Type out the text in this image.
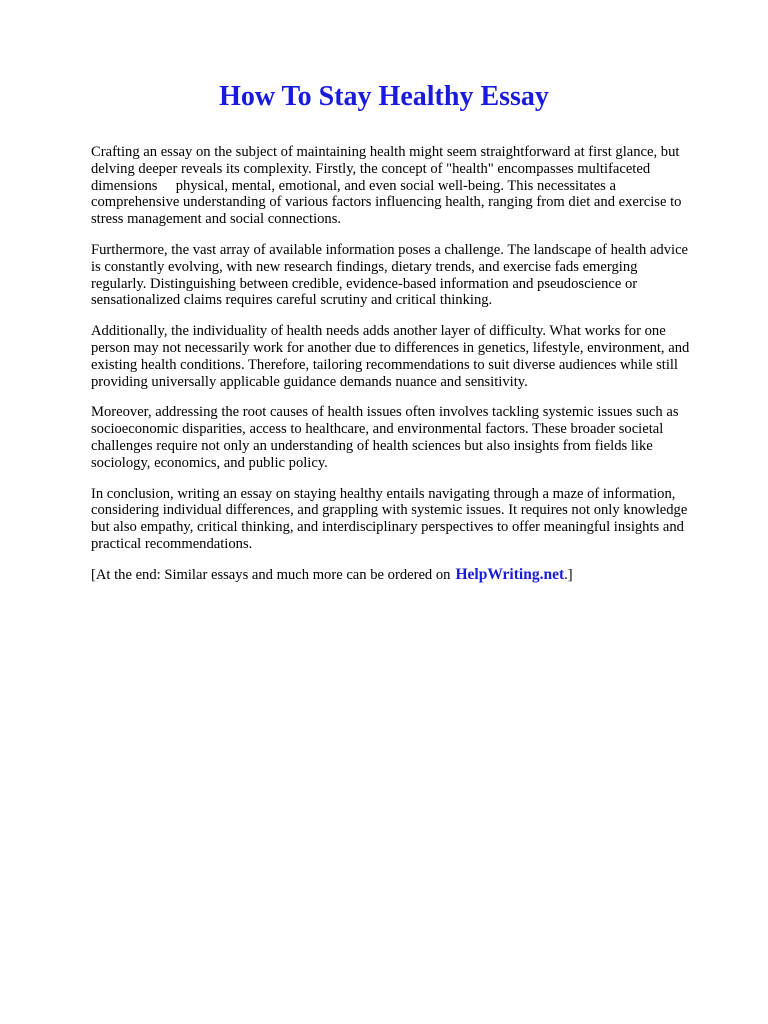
How To Stay Healthy Essay

Crafting an essay on the subject of maintaining health might seem straightforward at first glance, but delving deeper reveals its complexity. Firstly, the concept of "health" encompasses multifaceted dimensions  physical, mental, emotional, and even social well-being. This necessitates a comprehensive understanding of various factors influencing health, ranging from diet and exercise to stress management and social connections.

Furthermore, the vast array of available information poses a challenge. The landscape of health advice is constantly evolving, with new research findings, dietary trends, and exercise fads emerging regularly. Distinguishing between credible, evidence-based information and pseudoscience or sensationalized claims requires careful scrutiny and critical thinking.

Additionally, the individuality of health needs adds another layer of difficulty. What works for one person may not necessarily work for another due to differences in genetics, lifestyle, environment, and existing health conditions. Therefore, tailoring recommendations to suit diverse audiences while still providing universally applicable guidance demands nuance and sensitivity.

Moreover, addressing the root causes of health issues often involves tackling systemic issues such as socioeconomic disparities, access to healthcare, and environmental factors. These broader societal challenges require not only an understanding of health sciences but also insights from fields like sociology, economics, and public policy.

In conclusion, writing an essay on staying healthy entails navigating through a maze of information, considering individual differences, and grappling with systemic issues. It requires not only knowledge but also empathy, critical thinking, and interdisciplinary perspectives to offer meaningful insights and practical recommendations.

[At the end: Similar essays and much more can be ordered on HelpWriting.net.]
